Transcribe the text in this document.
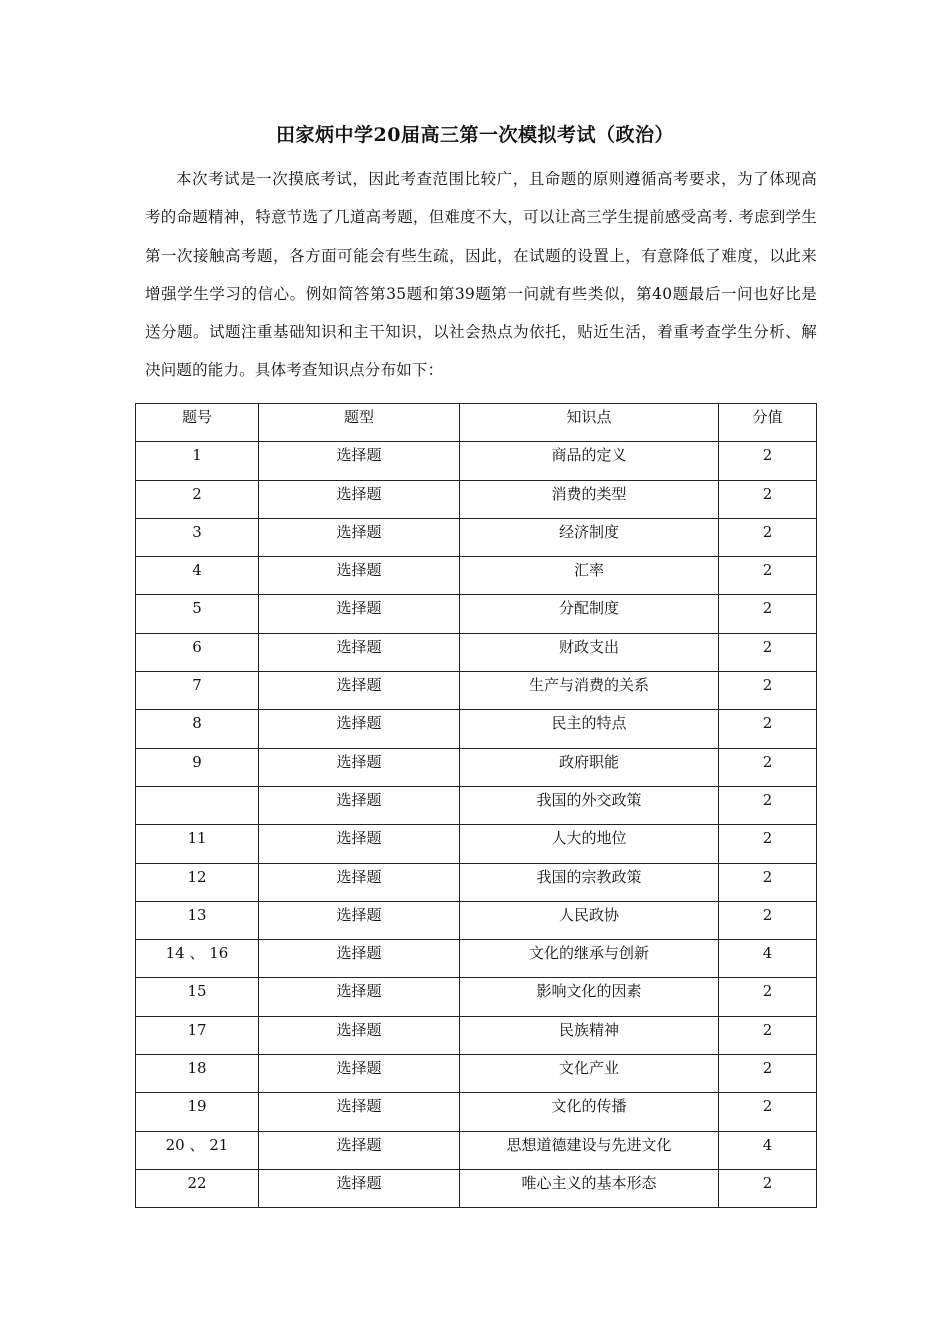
田家炳中学20届高三第一次模拟考试（政治）

本次考试是一次摸底考试，因此考查范围比较广，且命题的原则遵循高考要求，为了体现高考的命题精神，特意节选了几道高考题，但难度不大，可以让高三学生提前感受高考. 考虑到学生第一次接触高考题，各方面可能会有些生疏，因此，在试题的设置上，有意降低了难度，以此来增强学生学习的信心。例如简答第35题和第39题第一问就有些类似，第40题最后一问也好比是送分题。试题注重基础知识和主干知识，以社会热点为依托，贴近生活，着重考查学生分析、解决问题的能力。具体考查知识点分布如下：

题号	题型	知识点	分值
1	选择题	商品的定义	2
2	选择题	消费的类型	2
3	选择题	经济制度	2
4	选择题	汇率	2
5	选择题	分配制度	2
6	选择题	财政支出	2
7	选择题	生产与消费的关系	2
8	选择题	民主的特点	2
9	选择题	政府职能	2
	选择题	我国的外交政策	2
11	选择题	人大的地位	2
12	选择题	我国的宗教政策	2
13	选择题	人民政协	2
14 、 16	选择题	文化的继承与创新	4
15	选择题	影响文化的因素	2
17	选择题	民族精神	2
18	选择题	文化产业	2
19	选择题	文化的传播	2
20 、 21	选择题	思想道德建设与先进文化	4
22	选择题	唯心主义的基本形态	2
